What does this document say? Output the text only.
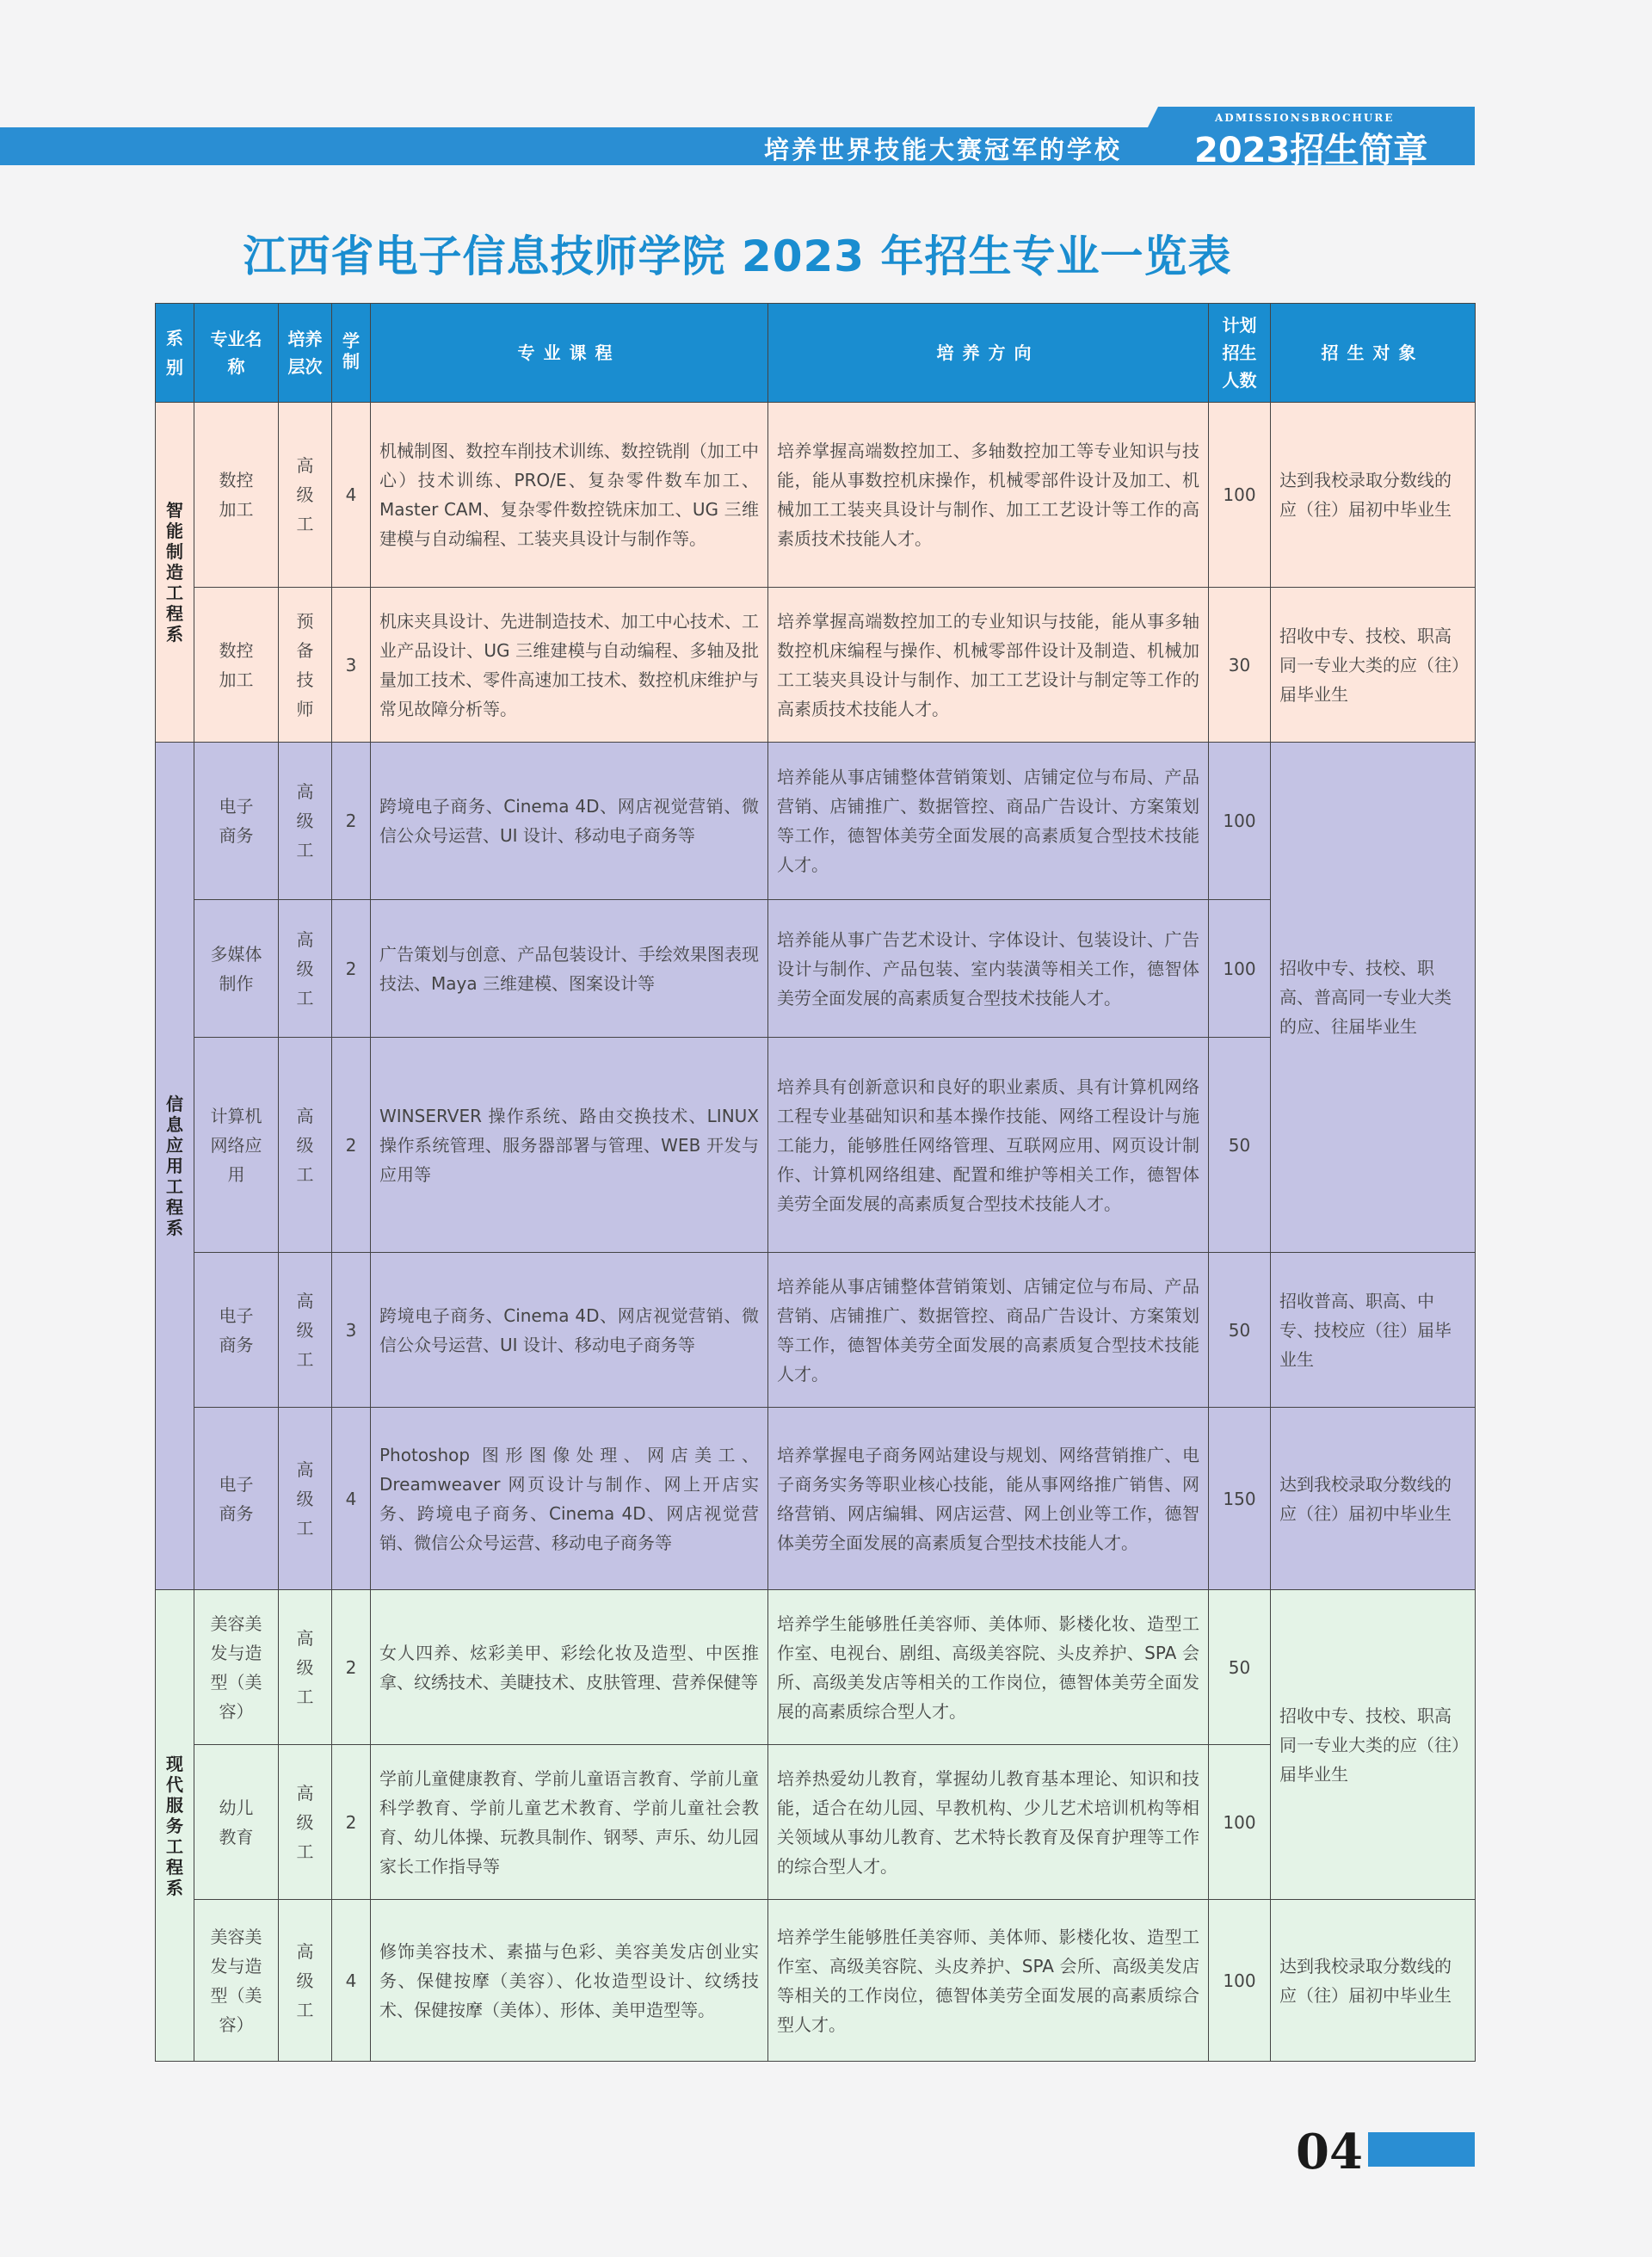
培养世界技能大赛冠军的学校
ADMISSIONSBROCHURE
2023招生简章
江西省电子信息技师学院 2023 年招生专业一览表
系别	专业名称	培养层次	学制	专业课程	培养方向	计划招生人数	招生对象
智能制造工程系	数控加工	高级工	4	机械制图、数控车削技术训练、数控铣削（加工中心）技术训练、PRO/E、复杂零件数车加工、Master CAM、复杂零件数控铣床加工、UG 三维建模与自动编程、工装夹具设计与制作等。	培养掌握高端数控加工、多轴数控加工等专业知识与技能，能从事数控机床操作，机械零部件设计及加工、机械加工工装夹具设计与制作、加工工艺设计等工作的高素质技术技能人才。	100	达到我校录取分数线的应（往）届初中毕业生
	数控加工	预备技师	3	机床夹具设计、先进制造技术、加工中心技术、工业产品设计、UG 三维建模与自动编程、多轴及批量加工技术、零件高速加工技术、数控机床维护与常见故障分析等。	培养掌握高端数控加工的专业知识与技能，能从事多轴数控机床编程与操作、机械零部件设计及制造、机械加工工装夹具设计与制作、加工工艺设计与制定等工作的高素质技术技能人才。	30	招收中专、技校、职高同一专业大类的应（往）届毕业生
信息应用工程系	电子商务	高级工	2	跨境电子商务、Cinema 4D、网店视觉营销、微信公众号运营、UI 设计、移动电子商务等	培养能从事店铺整体营销策划、店铺定位与布局、产品营销、店铺推广、数据管控、商品广告设计、方案策划等工作，德智体美劳全面发展的高素质复合型技术技能人才。	100	招收中专、技校、职高、普高同一专业大类的应、往届毕业生
	多媒体制作	高级工	2	广告策划与创意、产品包装设计、手绘效果图表现技法、Maya 三维建模、图案设计等	培养能从事广告艺术设计、字体设计、包装设计、广告设计与制作、产品包装、室内装潢等相关工作，德智体美劳全面发展的高素质复合型技术技能人才。	100	
	计算机网络应用	高级工	2	WINSERVER 操作系统、路由交换技术、LINUX 操作系统管理、服务器部署与管理、WEB 开发与应用等	培养具有创新意识和良好的职业素质、具有计算机网络工程专业基础知识和基本操作技能、网络工程设计与施工能力，能够胜任网络管理、互联网应用、网页设计制作、计算机网络组建、配置和维护等相关工作，德智体美劳全面发展的高素质复合型技术技能人才。	50	
	电子商务	高级工	3	跨境电子商务、Cinema 4D、网店视觉营销、微信公众号运营、UI 设计、移动电子商务等	培养能从事店铺整体营销策划、店铺定位与布局、产品营销、店铺推广、数据管控、商品广告设计、方案策划等工作，德智体美劳全面发展的高素质复合型技术技能人才。	50	招收普高、职高、中专、技校应（往）届毕业生
	电子商务	高级工	4	Photoshop 图形图像处理、网店美工、Dreamweaver 网页设计与制作、网上开店实务、跨境电子商务、Cinema 4D、网店视觉营销、微信公众号运营、移动电子商务等	培养掌握电子商务网站建设与规划、网络营销推广、电子商务实务等职业核心技能，能从事网络推广销售、网络营销、网店编辑、网店运营、网上创业等工作，德智体美劳全面发展的高素质复合型技术技能人才。	150	达到我校录取分数线的应（往）届初中毕业生
现代服务工程系	美容美发与造型（美容）	高级工	2	女人四养、炫彩美甲、彩绘化妆及造型、中医推拿、纹绣技术、美睫技术、皮肤管理、营养保健等	培养学生能够胜任美容师、美体师、影楼化妆、造型工作室、电视台、剧组、高级美容院、头皮养护、SPA 会所、高级美发店等相关的工作岗位，德智体美劳全面发展的高素质综合型人才。	50	招收中专、技校、职高同一专业大类的应（往）届毕业生
	幼儿教育	高级工	2	学前儿童健康教育、学前儿童语言教育、学前儿童科学教育、学前儿童艺术教育、学前儿童社会教育、幼儿体操、玩教具制作、钢琴、声乐、幼儿园家长工作指导等	培养热爱幼儿教育，掌握幼儿教育基本理论、知识和技能，适合在幼儿园、早教机构、少儿艺术培训机构等相关领域从事幼儿教育、艺术特长教育及保育护理等工作的综合型人才。	100	
	美容美发与造型（美容）	高级工	4	修饰美容技术、素描与色彩、美容美发店创业实务、保健按摩（美容）、化妆造型设计、纹绣技术、保健按摩（美体）、形体、美甲造型等。	培养学生能够胜任美容师、美体师、影楼化妆、造型工作室、高级美容院、头皮养护、SPA 会所、高级美发店等相关的工作岗位，德智体美劳全面发展的高素质综合型人才。	100	达到我校录取分数线的应（往）届初中毕业生
04
